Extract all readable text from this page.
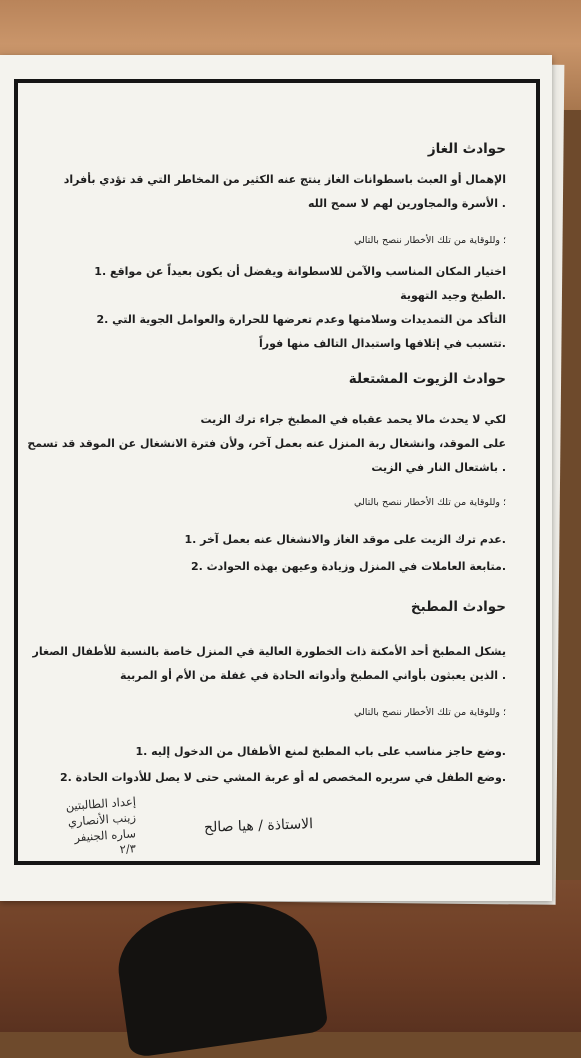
حوادث الغاز
الإهمال أو العبث باسطوانات الغاز ينتج عنه الكثير من المخاطر التي قد تؤدي بأفراد
. الأسرة والمجاورين لهم لا سمح الله
؛ وللوقاية من تلك الأخطار ننصح بالتالي
اختيار المكان المناسب والآمن للاسطوانة ويفضل أن يكون بعيداً عن مواقع .1
.الطبخ وجيد التهوية
التأكد من التمديدات وسلامتها وعدم تعرضها للحرارة والعوامل الجوية التي .2
.تتسبب في إتلافها واستبدال التالف منها فوراً
حوادث الزيوت المشتعلة
لكي لا يحدث مالا يحمد عقباه في المطبخ جراء ترك الزيت
على الموقد، وانشغال ربة المنزل عنه بعمل آخر، ولأن فترة الانشغال عن الموقد قد تسمح
. باشتعال النار في الزيت
؛ وللوقاية من تلك الأخطار ننصح بالتالي
.عدم ترك الزيت على موقد الغاز والانشغال عنه بعمل آخر .1
.متابعة العاملات في المنزل وزيادة وعيهن بهذه الحوادث .2
حوادث المطبخ
يشكل المطبخ أحد الأمكنة ذات الخطورة العالية في المنزل خاصة بالنسبة للأطفال الصغار
. الذين يعبثون بأواني المطبخ وأدواته الحادة في غفلة من الأم أو المربية
؛ وللوقاية من تلك الأخطار ننصح بالتالي
.وضع حاجز مناسب على باب المطبخ لمنع الأطفال من الدخول إليه .1
.وضع الطفل في سريره المخصص له أو عربة المشي حتى لا يصل للأدوات الحادة .2
الاستاذة / هيا صالح
إعداد الطالبتين
زينب الأنصاري
ساره الجنيفر
٢/٣
